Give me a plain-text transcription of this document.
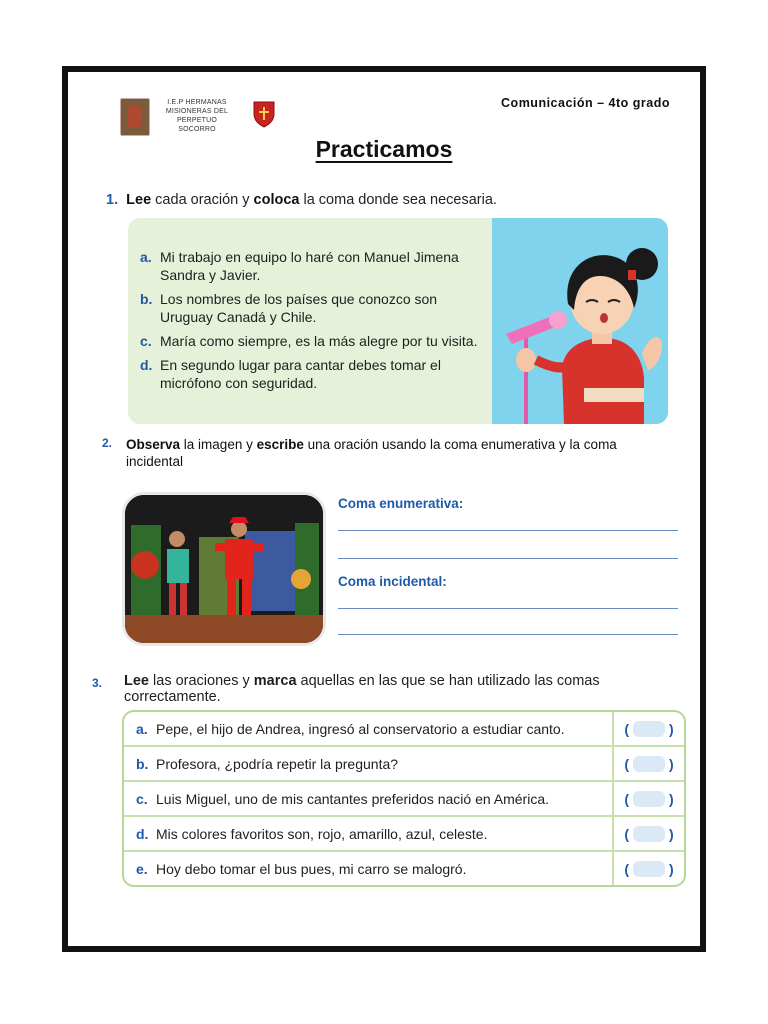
I.E.P HERMANAS
MISIONERAS DEL PERPETUO
SOCORRO
Comunicación – 4to grado
Practicamos
1. Lee cada oración y coloca la coma donde sea necesaria.
a. Mi trabajo en equipo lo haré con Manuel Jimena Sandra y Javier.
b. Los nombres de los países que conozco son Uruguay Canadá y Chile.
c. María como siempre, es la más alegre por tu visita.
d. En segundo lugar para cantar debes tomar el micrófono con seguridad.
2. Observa la imagen y escribe una oración usando la coma enumerativa y la coma incidental
Coma enumerativa:
Coma incidental:
3. Lee las oraciones y marca aquellas en las que se han utilizado las comas correctamente.
a. Pepe, el hijo de Andrea, ingresó al conservatorio a estudiar canto.	(	)
b. Profesora, ¿podría repetir la pregunta?	(	)
c. Luis Miguel, uno de mis cantantes preferidos nació en América.	(	)
d. Mis colores favoritos son, rojo, amarillo, azul, celeste.	(	)
e. Hoy debo tomar el bus pues, mi carro se malogró.	(	)
